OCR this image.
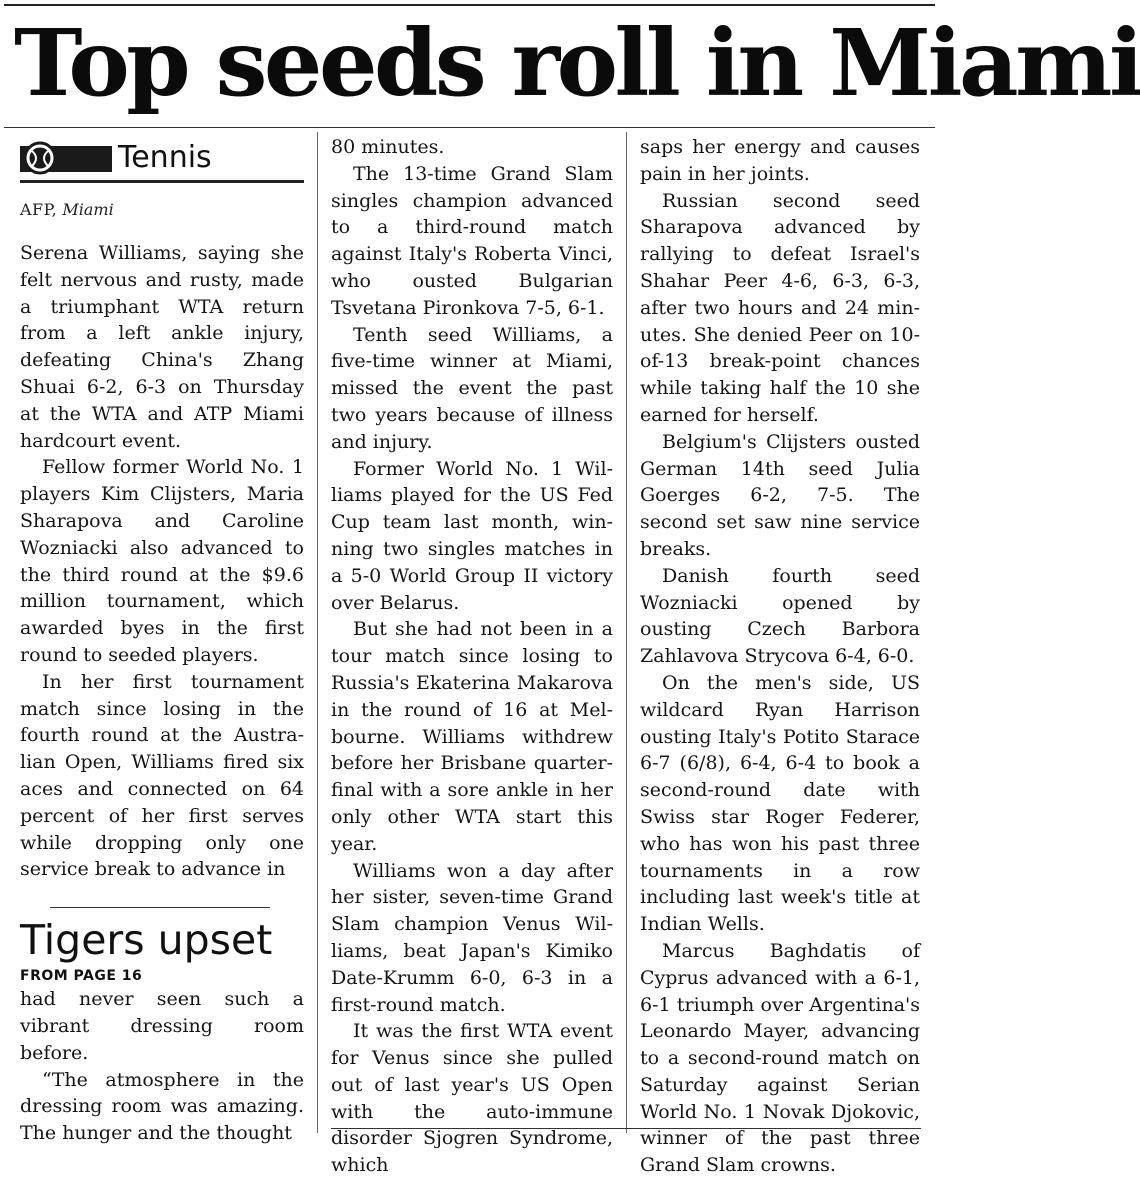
Top seeds roll in Miami
Tennis
AFP, Miami

Serena Williams, saying she felt nervous and rusty, made a triumphant WTA return from a left ankle injury, defeating China's Zhang Shuai 6-2, 6-3 on Thursday at the WTA and ATP Miami hardcourt event.

Fellow former World No. 1 players Kim Clijsters, Maria Sharapova and Caroline Wozniacki also advanced to the third round at the $9.6 million tournament, which awarded byes in the first round to seeded players.

In her first tournament match since losing in the fourth round at the Australian Open, Williams fired six aces and connected on 64 percent of her first serves while dropping only one service break to advance in

Tigers upset
FROM PAGE 16

had never seen such a vibrant dressing room before.

“The atmosphere in the dressing room was amazing. The hunger and the thought

80 minutes.

The 13-time Grand Slam singles champion advanced to a third-round match against Italy's Roberta Vinci, who ousted Bulgarian Tsvetana Pironkova 7-5, 6-1.

Tenth seed Williams, a five-time winner at Miami, missed the event the past two years because of illness and injury.

Former World No. 1 Williams played for the US Fed Cup team last month, winning two singles matches in a 5-0 World Group II victory over Belarus.

But she had not been in a tour match since losing to Russia's Ekaterina Makarova in the round of 16 at Melbourne. Williams withdrew before her Brisbane quarterfinal with a sore ankle in her only other WTA start this year.

Williams won a day after her sister, seven-time Grand Slam champion Venus Williams, beat Japan's Kimiko Date-Krumm 6-0, 6-3 in a first-round match.

It was the first WTA event for Venus since she pulled out of last year's US Open with the auto-immune disorder Sjogren Syndrome, which

saps her energy and causes pain in her joints.

Russian second seed Sharapova advanced by rallying to defeat Israel's Shahar Peer 4-6, 6-3, 6-3, after two hours and 24 minutes. She denied Peer on 10-of-13 break-point chances while taking half the 10 she earned for herself.

Belgium's Clijsters ousted German 14th seed Julia Goerges 6-2, 7-5. The second set saw nine service breaks.

Danish fourth seed Wozniacki opened by ousting Czech Barbora Zahlavova Strycova 6-4, 6-0.

On the men's side, US wildcard Ryan Harrison ousting Italy's Potito Starace 6-7 (6/8), 6-4, 6-4 to book a second-round date with Swiss star Roger Federer, who has won his past three tournaments in a row including last week's title at Indian Wells.

Marcus Baghdatis of Cyprus advanced with a 6-1, 6-1 triumph over Argentina's Leonardo Mayer, advancing to a second-round match on Saturday against Serian World No. 1 Novak Djokovic, winner of the past three Grand Slam crowns.
